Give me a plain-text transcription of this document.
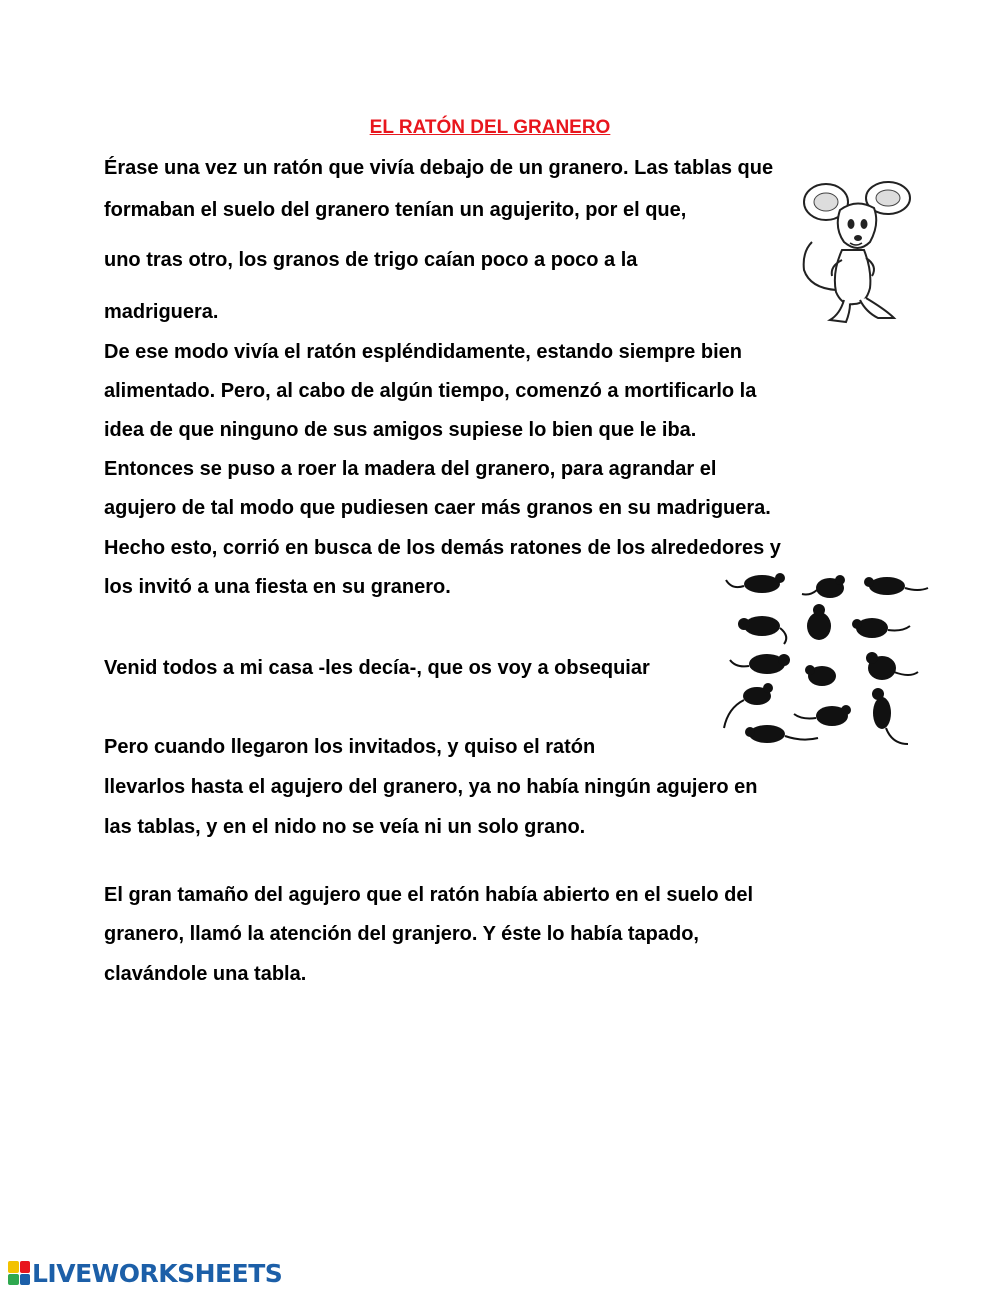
EL RATÓN DEL GRANERO

Érase una vez un ratón que vivía debajo de un granero. Las tablas que

formaban el suelo del granero tenían un agujerito, por el que,

uno tras otro, los granos de trigo caían poco a poco a la

madriguera.

De ese modo vivía el ratón espléndidamente, estando siempre bien

alimentado. Pero, al cabo de algún tiempo, comenzó a mortificarlo la

idea de que ninguno de sus amigos supiese lo bien que le iba.

Entonces se puso a roer la madera del granero, para agrandar el

agujero de tal modo que pudiesen caer más granos en su madriguera.

Hecho esto, corrió en busca de los demás ratones de los alrededores y

los invitó a una fiesta en su granero.

Venid todos a mi casa -les decía-, que os voy a obsequiar

Pero cuando llegaron los invitados, y quiso el ratón

llevarlos hasta el agujero del granero, ya no había ningún agujero en

las tablas, y en el nido no se veía ni un solo grano.

El gran tamaño del agujero que el ratón había abierto en el suelo del

granero, llamó la atención del granjero. Y éste lo había tapado,

clavándole una tabla.

LIVEWORKSHEETS
